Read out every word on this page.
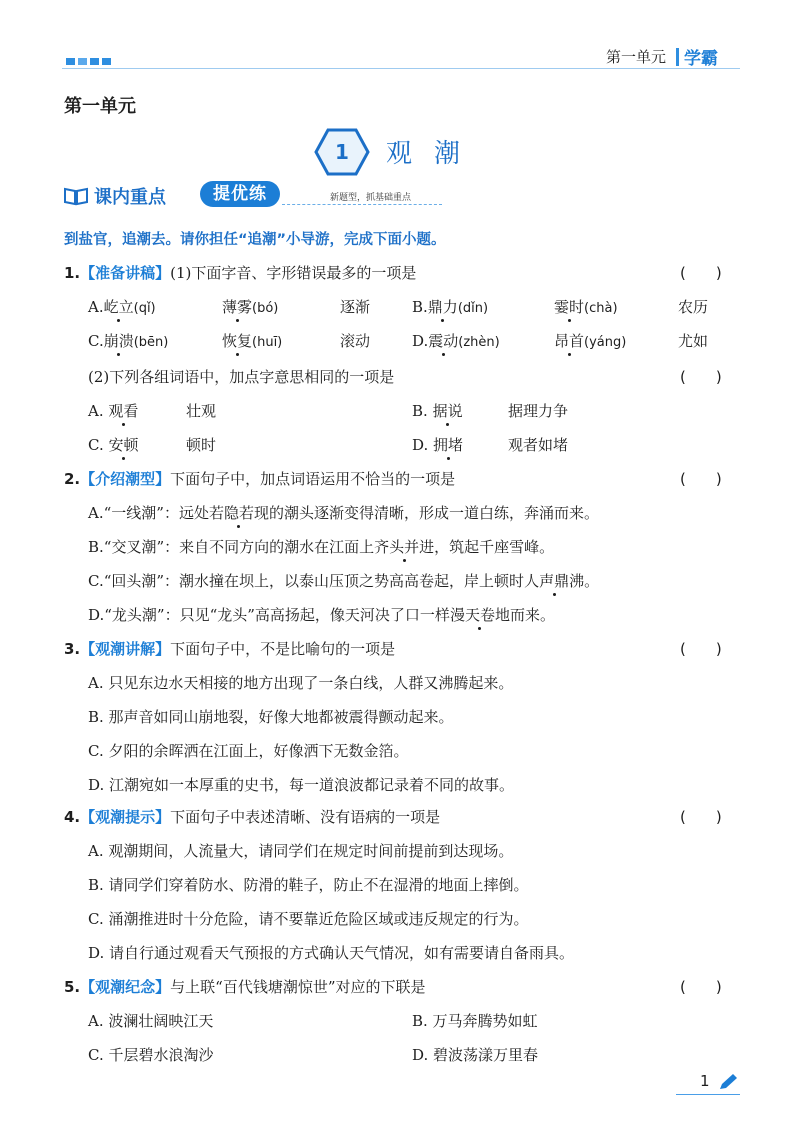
第一单元 学霸
第一单元
1	观潮
课内重点	提优练	新题型，抓基础重点
到盐官，追潮去。请你担任“追潮”小导游，完成下面小题。
1.【准备讲稿】(1)下面字音、字形错误最多的一项是	(　　)
A.屹立(qǐ)	薄雾(bó)	逐渐	B.鼎力(dǐn)	霎时(chà)	农历
C.崩溃(bēn)	恢复(huī)	滚动	D.震动(zhèn)	昂首(yáng)	尤如
(2)下列各组词语中，加点字意思相同的一项是	(　　)
A. 观看	壮观	B. 据说	据理力争
C. 安顿	顿时	D. 拥堵	观者如堵
2.【介绍潮型】下面句子中，加点词语运用不恰当的一项是	(　　)
A.“一线潮”：远处若隐若现的潮头逐渐变得清晰，形成一道白练，奔涌而来。
B.“交叉潮”：来自不同方向的潮水在江面上齐头并进，筑起千座雪峰。
C.“回头潮”：潮水撞在坝上，以泰山压顶之势高高卷起，岸上顿时人声鼎沸。
D.“龙头潮”：只见“龙头”高高扬起，像天河决了口一样漫天卷地而来。
3.【观潮讲解】下面句子中，不是比喻句的一项是	(　　)
A. 只见东边水天相接的地方出现了一条白线，人群又沸腾起来。
B. 那声音如同山崩地裂，好像大地都被震得颤动起来。
C. 夕阳的余晖洒在江面上，好像洒下无数金箔。
D. 江潮宛如一本厚重的史书，每一道浪波都记录着不同的故事。
4.【观潮提示】下面句子中表述清晰、没有语病的一项是	(　　)
A. 观潮期间，人流量大，请同学们在规定时间前提前到达现场。
B. 请同学们穿着防水、防滑的鞋子，防止不在湿滑的地面上摔倒。
C. 涌潮推进时十分危险，请不要靠近危险区域或违反规定的行为。
D. 请自行通过观看天气预报的方式确认天气情况，如有需要请自备雨具。
5.【观潮纪念】与上联“百代钱塘潮惊世”对应的下联是	(　　)
A. 波澜壮阔映江天	B. 万马奔腾势如虹
C. 千层碧水浪淘沙	D. 碧波荡漾万里春
1
